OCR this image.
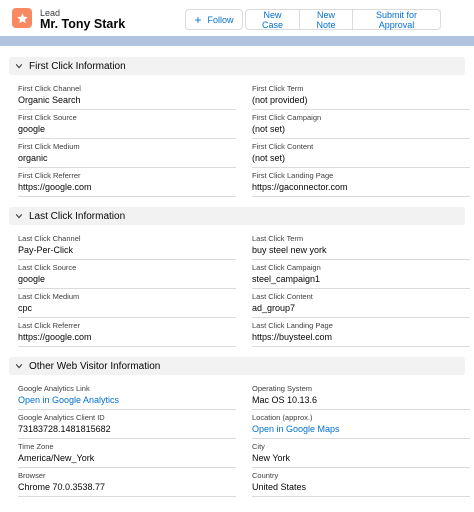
Lead
Mr. Tony Stark	+ Follow	New Case
New Note
Submit for Approval
First Click Information
First Click Channel
Organic Search
First Click Term
(not provided)
First Click Source
google
First Click Campaign
(not set)
First Click Medium
organic
First Click Content
(not set)
First Click Referrer
https://google.com
First Click Landing Page
https://gaconnector.com
Last Click Information
Last Click Channel
Pay-Per-Click
Last Click Term
buy steel new york
Last Click Source
google
Last Click Campaign
steel_campaign1
Last Click Medium
cpc
Last Click Content
ad_group7
Last Click Referrer
https://google.com
Last Click Landing Page
https://buysteel.com
Other Web Visitor Information
Google Analytics Link
Open in Google Analytics
Operating System
Mac OS 10.13.6
Google Analytics Client ID
73183728.1481815682
Location (approx.)
Open in Google Maps
Time Zone
America/New_York
City
New York
Browser
Chrome 70.0.3538.77
Country
United States
